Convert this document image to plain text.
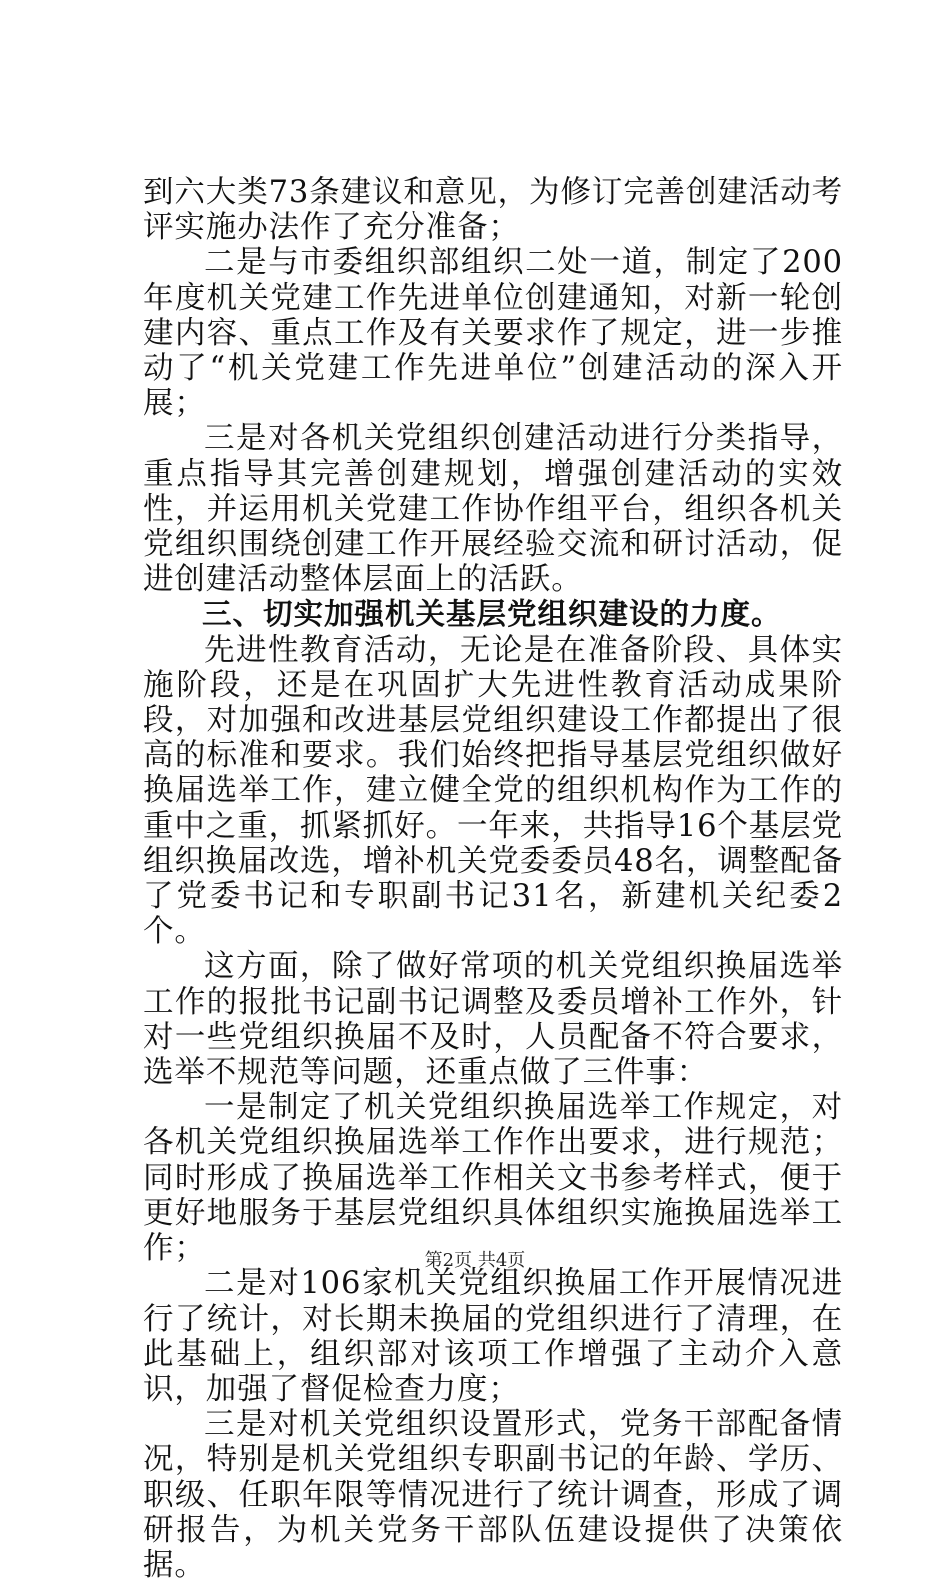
到六大类73条建议和意见，为修订完善创建活动考评实施办法作了充分准备；

二是与市委组织部组织二处一道，制定了200年度机关党建工作先进单位创建通知，对新一轮创建内容、重点工作及有关要求作了规定，进一步推动了“机关党建工作先进单位”创建活动的深入开展；

三是对各机关党组织创建活动进行分类指导，重点指导其完善创建规划，增强创建活动的实效性，并运用机关党建工作协作组平台，组织各机关党组织围绕创建工作开展经验交流和研讨活动，促进创建活动整体层面上的活跃。

三、切实加强机关基层党组织建设的力度。

先进性教育活动，无论是在准备阶段、具体实施阶段，还是在巩固扩大先进性教育活动成果阶段，对加强和改进基层党组织建设工作都提出了很高的标准和要求。我们始终把指导基层党组织做好换届选举工作，建立健全党的组织机构作为工作的重中之重，抓紧抓好。一年来，共指导16个基层党组织换届改选，增补机关党委委员48名，调整配备了党委书记和专职副书记31名，新建机关纪委2个。

这方面，除了做好常项的机关党组织换届选举工作的报批书记副书记调整及委员增补工作外，针对一些党组织换届不及时，人员配备不符合要求，选举不规范等问题，还重点做了三件事：

一是制定了机关党组织换届选举工作规定，对各机关党组织换届选举工作作出要求，进行规范；同时形成了换届选举工作相关文书参考样式，便于更好地服务于基层党组织具体组织实施换届选举工作；

二是对106家机关党组织换届工作开展情况进行了统计，对长期未换届的党组织进行了清理，在此基础上，组织部对该项工作增强了主动介入意识，加强了督促检查力度；

三是对机关党组织设置形式，党务干部配备情况，特别是机关党组织专职副书记的年龄、学历、职级、任职年限等情况进行了统计调查，形成了调研报告，为机关党务干部队伍建设提供了决策依据。

第2页 共4页
